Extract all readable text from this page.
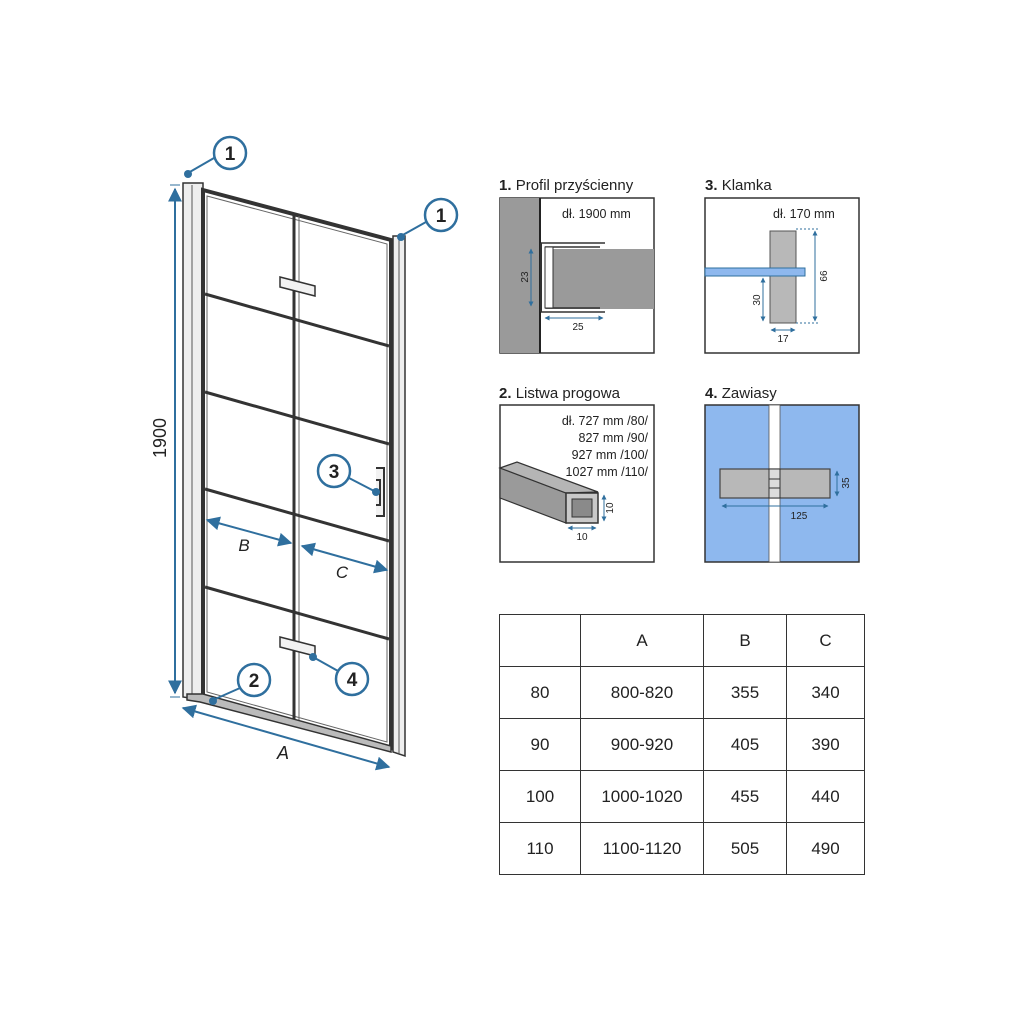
1900
A
B
C
1
1
2
3
4
dł. 1900 mm
23
25
dł. 170 mm
66
30
17
dł. 727 mm /80/
827 mm /90/
927 mm /100/
1027 mm /110/
10
10
35
125
1. Profil przyścienny	3. Klamka
2. Listwa progowa	4. Zawiasy
	A	B	C
80	800-820	355	340
90	900-920	405	390
100	1000-1020	455	440
110	1100-1120	505	490
